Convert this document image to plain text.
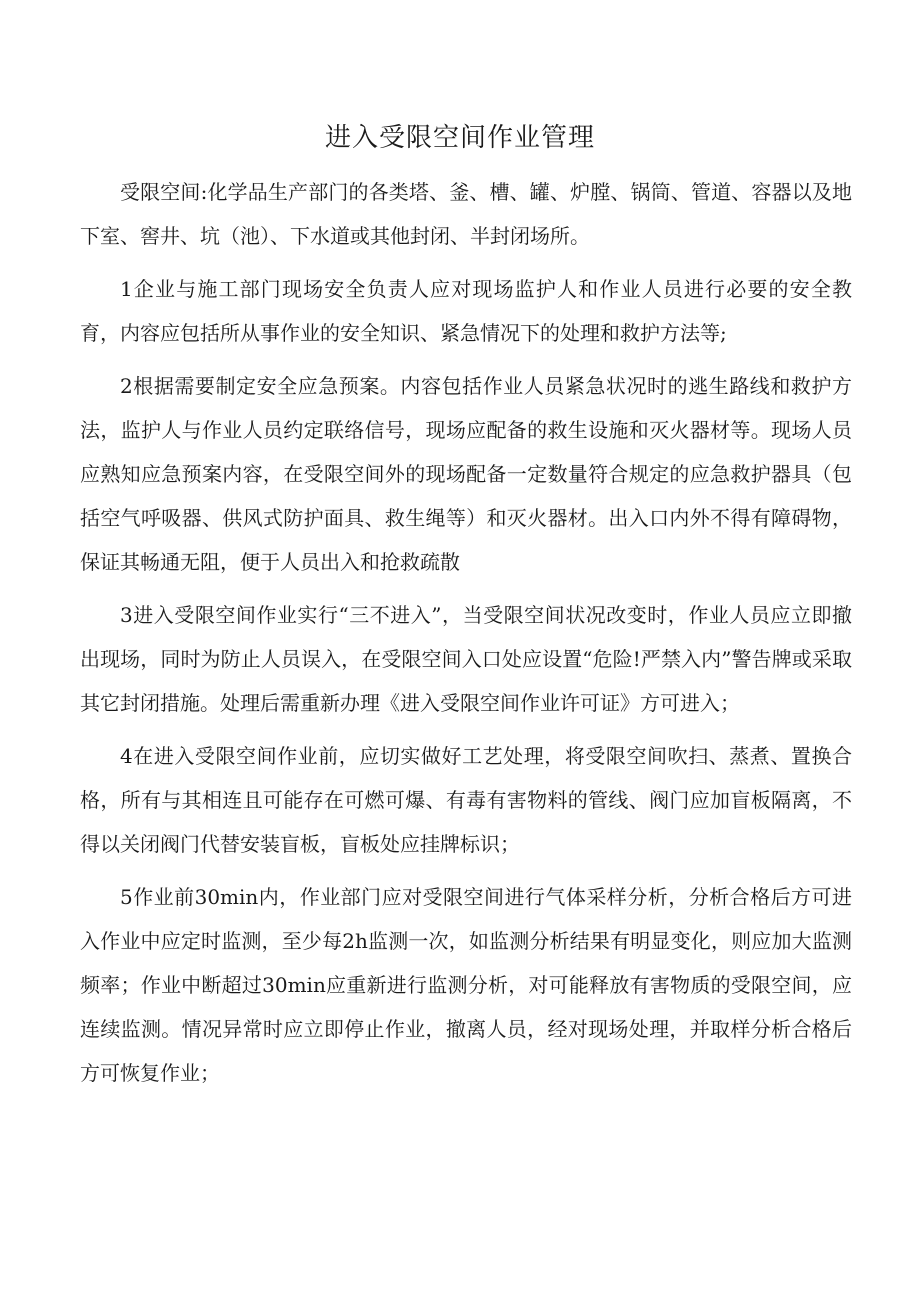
进入受限空间作业管理

受限空间:化学品生产部门的各类塔、釜、槽、罐、炉膛、锅筒、管道、容器以及地下室、窖井、坑（池）、下水道或其他封闭、半封闭场所。

1企业与施工部门现场安全负责人应对现场监护人和作业人员进行必要的安全教育，内容应包括所从事作业的安全知识、紧急情况下的处理和救护方法等;

2根据需要制定安全应急预案。内容包括作业人员紧急状况时的逃生路线和救护方法，监护人与作业人员约定联络信号，现场应配备的救生设施和灭火器材等。现场人员应熟知应急预案内容，在受限空间外的现场配备一定数量符合规定的应急救护器具（包括空气呼吸器、供风式防护面具、救生绳等）和灭火器材。出入口内外不得有障碍物，保证其畅通无阻，便于人员出入和抢救疏散

3进入受限空间作业实行“三不进入”，当受限空间状况改变时，作业人员应立即撤出现场，同时为防止人员误入，在受限空间入口处应设置“危险!严禁入内”警告牌或采取其它封闭措施。处理后需重新办理《进入受限空间作业许可证》方可进入；

4在进入受限空间作业前，应切实做好工艺处理，将受限空间吹扫、蒸煮、置换合格，所有与其相连且可能存在可燃可爆、有毒有害物料的管线、阀门应加盲板隔离，不得以关闭阀门代替安装盲板，盲板处应挂牌标识；

5作业前30min内，作业部门应对受限空间进行气体采样分析，分析合格后方可进入作业中应定时监测，至少每2h监测一次，如监测分析结果有明显变化，则应加大监测频率；作业中断超过30min应重新进行监测分析，对可能释放有害物质的受限空间，应连续监测。情况异常时应立即停止作业，撤离人员，经对现场处理，并取样分析合格后方可恢复作业；
